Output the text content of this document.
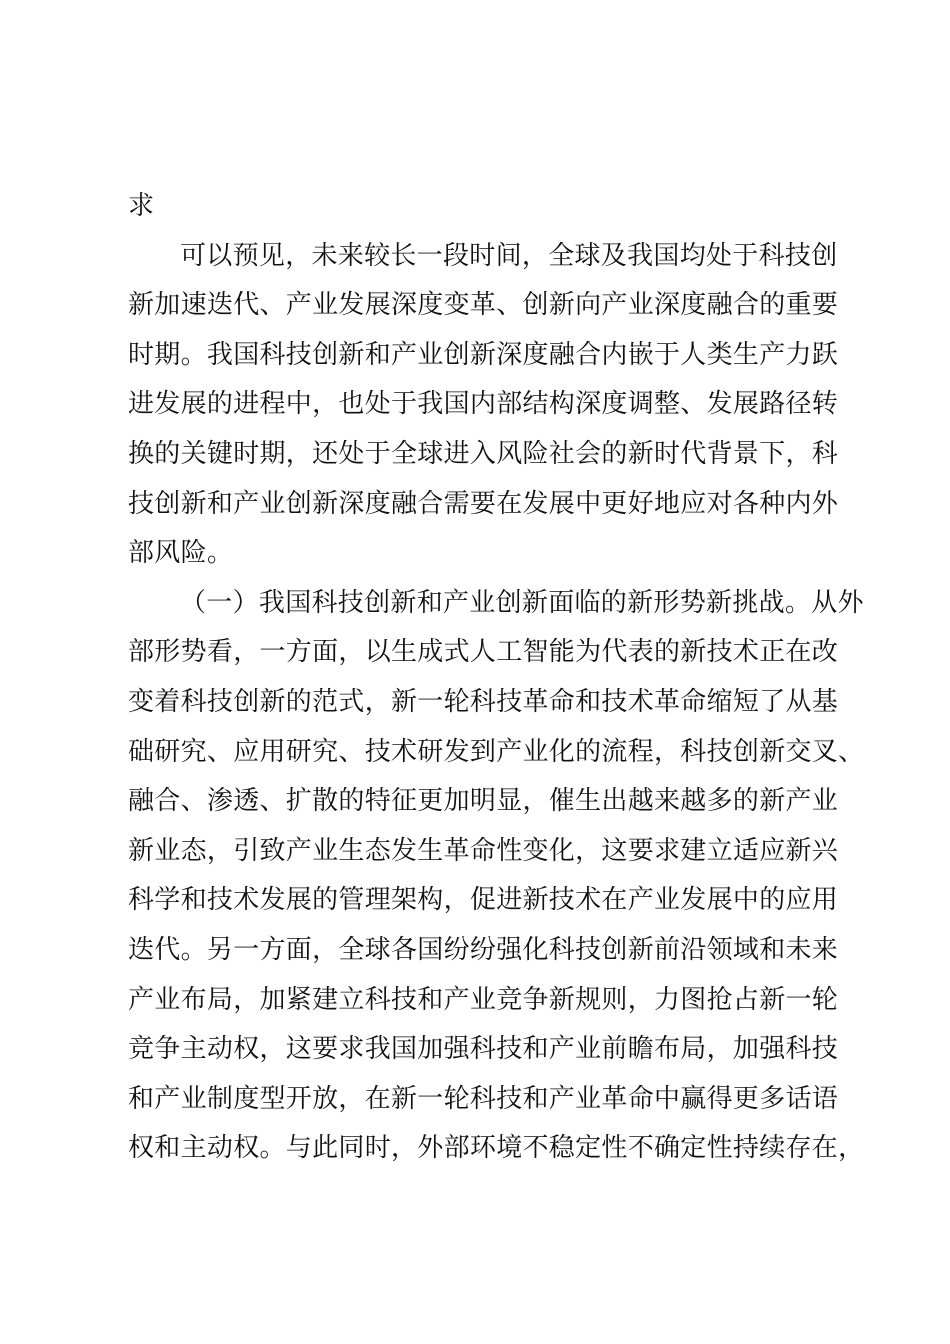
求
可以预见，未来较长一段时间，全球及我国均处于科技创
新加速迭代、产业发展深度变革、创新向产业深度融合的重要
时期。我国科技创新和产业创新深度融合内嵌于人类生产力跃
进发展的进程中，也处于我国内部结构深度调整、发展路径转
换的关键时期，还处于全球进入风险社会的新时代背景下，科
技创新和产业创新深度融合需要在发展中更好地应对各种内外
部风险。
（一）我国科技创新和产业创新面临的新形势新挑战。从外
部形势看，一方面，以生成式人工智能为代表的新技术正在改
变着科技创新的范式，新一轮科技革命和技术革命缩短了从基
础研究、应用研究、技术研发到产业化的流程，科技创新交叉、
融合、渗透、扩散的特征更加明显，催生出越来越多的新产业
新业态，引致产业生态发生革命性变化，这要求建立适应新兴
科学和技术发展的管理架构，促进新技术在产业发展中的应用
迭代。另一方面，全球各国纷纷强化科技创新前沿领域和未来
产业布局，加紧建立科技和产业竞争新规则，力图抢占新一轮
竞争主动权，这要求我国加强科技和产业前瞻布局，加强科技
和产业制度型开放，在新一轮科技和产业革命中赢得更多话语
权和主动权。与此同时，外部环境不稳定性不确定性持续存在，
